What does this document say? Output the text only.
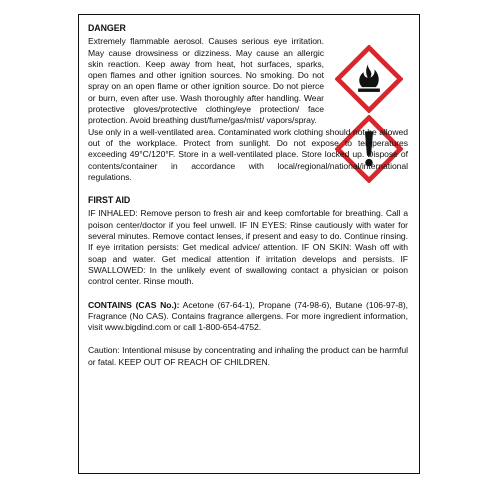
DANGER

Extremely flammable aerosol. Causes serious eye irritation. May cause drowsiness or dizziness. May cause an allergic skin reaction. Keep away from heat, hot surfaces, sparks, open flames and other ignition sources. No smoking. Do not spray on an open flame or other ignition source. Do not pierce or burn, even after use. Wash thoroughly after handling. Wear protective gloves/protective clothing/eye protection/ face protection. Avoid breathing dust/fume/gas/mist/ vapors/spray.

Use only in a well-ventilated area. Contaminated work clothing should not be allowed out of the workplace. Protect from sunlight. Do not expose to temperatures exceeding 49°C/120°F. Store in a well-ventilated place. Store locked up. Dispose of contents/container in accordance with local/regional/national/international regulations.

FIRST AID

IF INHALED: Remove person to fresh air and keep comfortable for breathing. Call a poison center/doctor if you feel unwell. IF IN EYES: Rinse cautiously with water for several minutes. Remove contact lenses, if present and easy to do. Continue rinsing. If eye irritation persists: Get medical advice/ attention. IF ON SKIN: Wash off with soap and water. Get medical attention if irritation develops and persists. IF SWALLOWED: In the unlikely event of swallowing contact a physician or poison control center. Rinse mouth.

CONTAINS (CAS No.): Acetone (67-64-1), Propane (74-98-6), Butane (106-97-8), Fragrance (No CAS). Contains fragrance allergens. For more ingredient information, visit www.bigdind.com or call 1-800-654-4752.

Caution: Intentional misuse by concentrating and inhaling the product can be harmful or fatal. KEEP OUT OF REACH OF CHILDREN.
